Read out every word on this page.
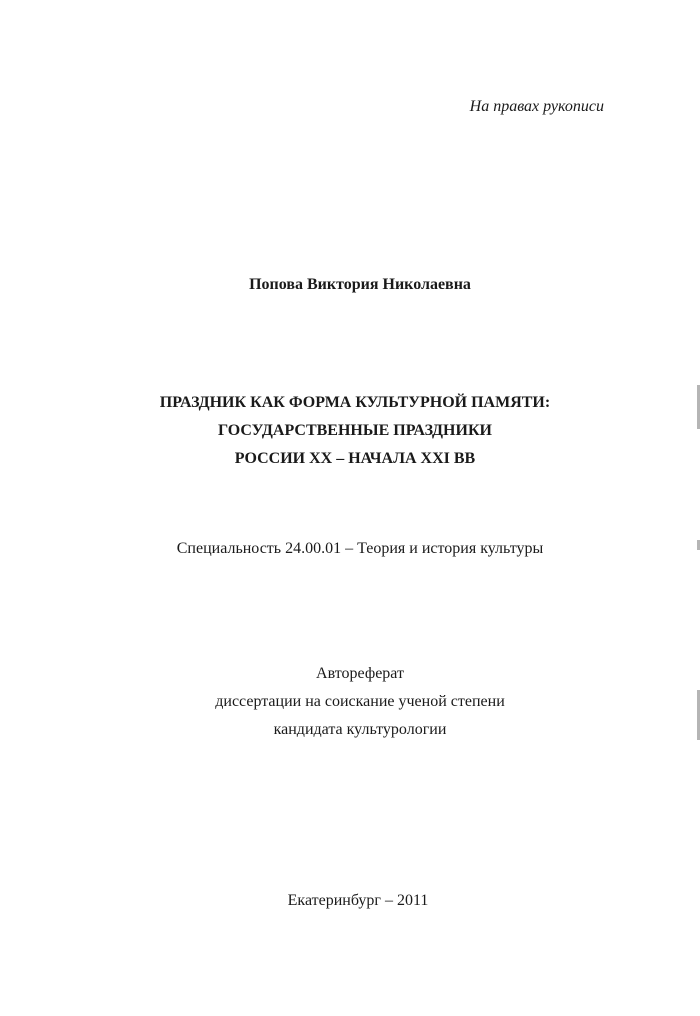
На правах рукописи
Попова Виктория Николаевна
ПРАЗДНИК КАК ФОРМА КУЛЬТУРНОЙ ПАМЯТИ:
ГОСУДАРСТВЕННЫЕ ПРАЗДНИКИ
РОССИИ XX – НАЧАЛА XXI ВВ
Специальность 24.00.01 – Теория и история культуры
Автореферат
диссертации на соискание ученой степени
кандидата культурологии
Екатеринбург – 2011
